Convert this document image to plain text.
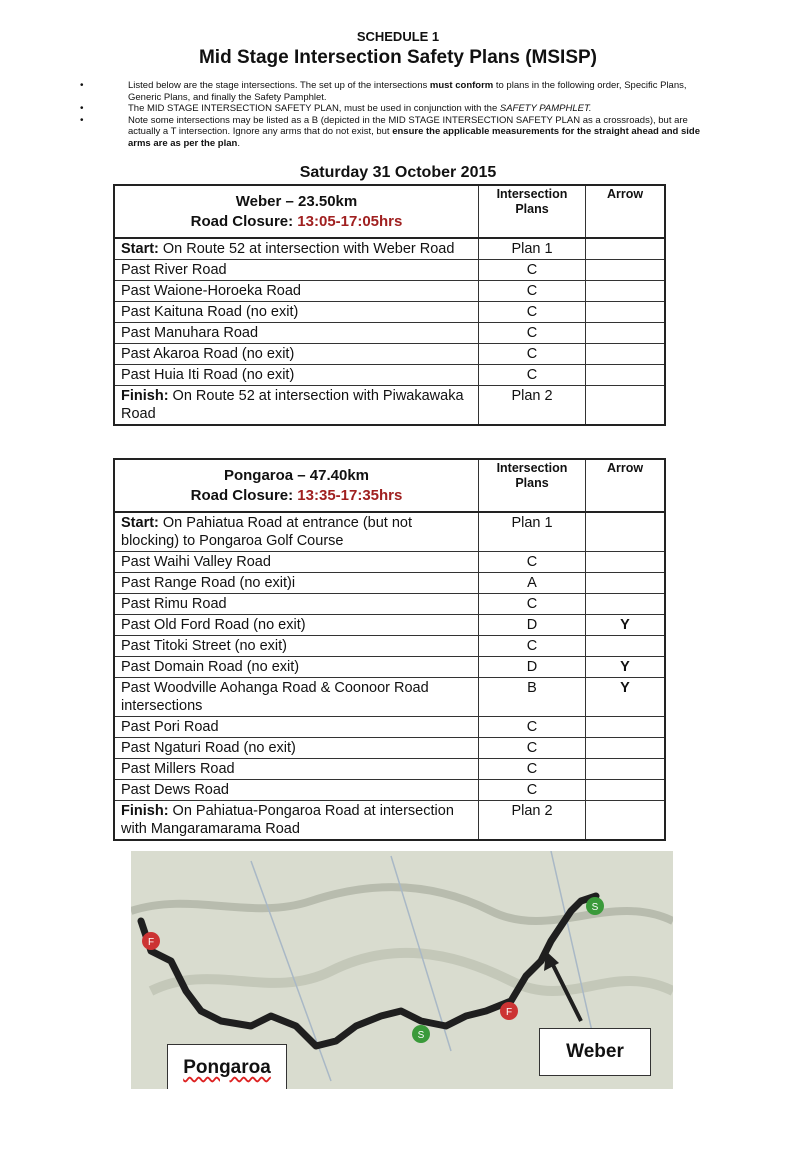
SCHEDULE 1
Mid Stage Intersection Safety Plans (MSISP)
• Listed below are the stage intersections. The set up of the intersections must conform to plans in the following order, Specific Plans, Generic Plans, and finally the Safety Pamphlet.
• The MID STAGE INTERSECTION SAFETY PLAN, must be used in conjunction with the SAFETY PAMPHLET.
• Note some intersections may be listed as a B (depicted in the MID STAGE INTERSECTION SAFETY PLAN as a crossroads), but are actually a T intersection. Ignore any arms that do not exist, but ensure the applicable measurements for the straight ahead and side arms are as per the plan.
Saturday 31 October 2015
Weber – 23.50km
Road Closure: 13:05-17:05hrs	Intersection Plans	Arrow
Start: On Route 52 at intersection with Weber Road	Plan 1	
Past River Road	C	
Past Waione-Horoeka Road	C	
Past Kaituna Road (no exit)	C	
Past Manuhara Road	C	
Past Akaroa Road (no exit)	C	
Past Huia Iti Road (no exit)	C	
Finish: On Route 52 at intersection with Piwakawaka Road	Plan 2	
Pongaroa – 47.40km
Road Closure: 13:35-17:35hrs	Intersection Plans	Arrow
Start: On Pahiatua Road at entrance (but not blocking) to Pongaroa Golf Course	Plan 1	
Past Waihi Valley Road	C	
Past Range Road (no exit)i	A	
Past Rimu Road	C	
Past Old Ford Road (no exit)	D	Y
Past Titoki Street (no exit)	C	
Past Domain Road (no exit)	D	Y
Past Woodville Aohanga Road & Coonoor Road intersections	B	Y
Past Pori Road	C	
Past Ngaturi Road (no exit)	C	
Past Millers Road	C	
Past Dews Road	C	
Finish: On Pahiatua-Pongaroa Road at intersection with Mangaramarama Road	Plan 2	
F
S
F
S
Pongaroa
Weber
